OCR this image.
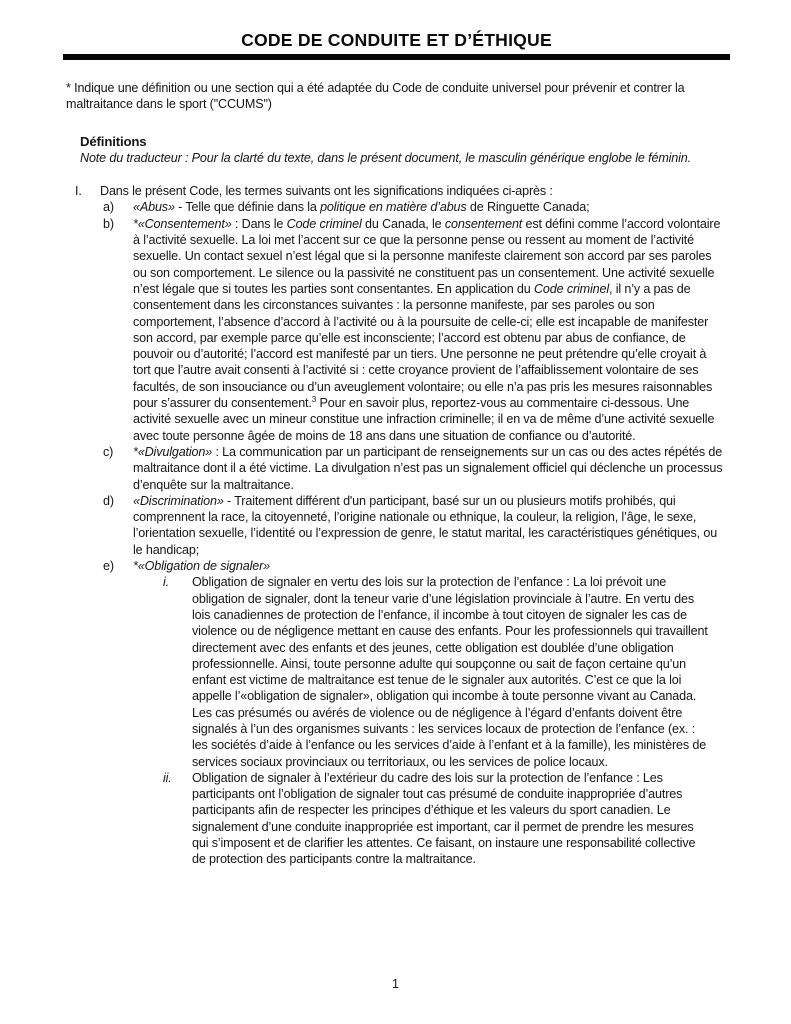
CODE DE CONDUITE ET D’ÉTHIQUE

* Indique une définition ou une section qui a été adaptée du Code de conduite universel pour prévenir et contrer la maltraitance dans le sport ("CCUMS")

Définitions

Note du traducteur : Pour la clarté du texte, dans le présent document, le masculin générique englobe le féminin.

I.	Dans le présent Code, les termes suivants ont les significations indiquées ci-après :
a)	«Abus» - Telle que définie dans la politique en matière d’abus de Ringuette Canada;
b)	*«Consentement» : Dans le Code criminel du Canada, le consentement est défini comme l’accord volontaire à l’activité sexuelle. La loi met l’accent sur ce que la personne pense ou ressent au moment de l’activité sexuelle. Un contact sexuel n’est légal que si la personne manifeste clairement son accord par ses paroles ou son comportement. Le silence ou la passivité ne constituent pas un consentement. Une activité sexuelle n’est légale que si toutes les parties sont consentantes. En application du Code criminel, il n’y a pas de consentement dans les circonstances suivantes : la personne manifeste, par ses paroles ou son comportement, l’absence d’accord à l’activité ou à la poursuite de celle-ci; elle est incapable de manifester son accord, par exemple parce qu’elle est inconsciente; l’accord est obtenu par abus de confiance, de pouvoir ou d’autorité; l’accord est manifesté par un tiers. Une personne ne peut prétendre qu’elle croyait à tort que l’autre avait consenti à l’activité si : cette croyance provient de l’affaiblissement volontaire de ses facultés, de son insouciance ou d’un aveuglement volontaire; ou elle n’a pas pris les mesures raisonnables pour s’assurer du consentement.$^3$ Pour en savoir plus, reportez-vous au commentaire ci-dessous. Une activité sexuelle avec un mineur constitue une infraction criminelle; il en va de même d’une activité sexuelle avec toute personne âgée de moins de 18 ans dans une situation de confiance ou d’autorité.
c)	*«Divulgation» : La communication par un participant de renseignements sur un cas ou des actes répétés de maltraitance dont il a été victime. La divulgation n’est pas un signalement officiel qui déclenche un processus d’enquête sur la maltraitance.
d)	«Discrimination» - Traitement différent d'un participant, basé sur un ou plusieurs motifs prohibés, qui comprennent la race, la citoyenneté, l’origine nationale ou ethnique, la couleur, la religion, l’âge, le sexe, l’orientation sexuelle, l’identité ou l’expression de genre, le statut marital, les caractéristiques génétiques, ou le handicap;
e)	*«Obligation de signaler»
i.	Obligation de signaler en vertu des lois sur la protection de l’enfance : La loi prévoit une obligation de signaler, dont la teneur varie d’une législation provinciale à l’autre. En vertu des lois canadiennes de protection de l’enfance, il incombe à tout citoyen de signaler les cas de violence ou de négligence mettant en cause des enfants. Pour les professionnels qui travaillent directement avec des enfants et des jeunes, cette obligation est doublée d’une obligation professionnelle. Ainsi, toute personne adulte qui soupçonne ou sait de façon certaine qu’un enfant est victime de maltraitance est tenue de le signaler aux autorités. C’est ce que la loi appelle l’«obligation de signaler», obligation qui incombe à toute personne vivant au Canada. Les cas présumés ou avérés de violence ou de négligence à l’égard d’enfants doivent être signalés à l’un des organismes suivants : les services locaux de protection de l’enfance (ex. : les sociétés d’aide à l’enfance ou les services d’aide à l’enfant et à la famille), les ministères de services sociaux provinciaux ou territoriaux, ou les services de police locaux.
ii.	Obligation de signaler à l’extérieur du cadre des lois sur la protection de l’enfance : Les participants ont l’obligation de signaler tout cas présumé de conduite inappropriée d’autres participants afin de respecter les principes d’éthique et les valeurs du sport canadien. Le signalement d’une conduite inappropriée est important, car il permet de prendre les mesures qui s’imposent et de clarifier les attentes. Ce faisant, on instaure une responsabilité collective de protection des participants contre la maltraitance.
1
